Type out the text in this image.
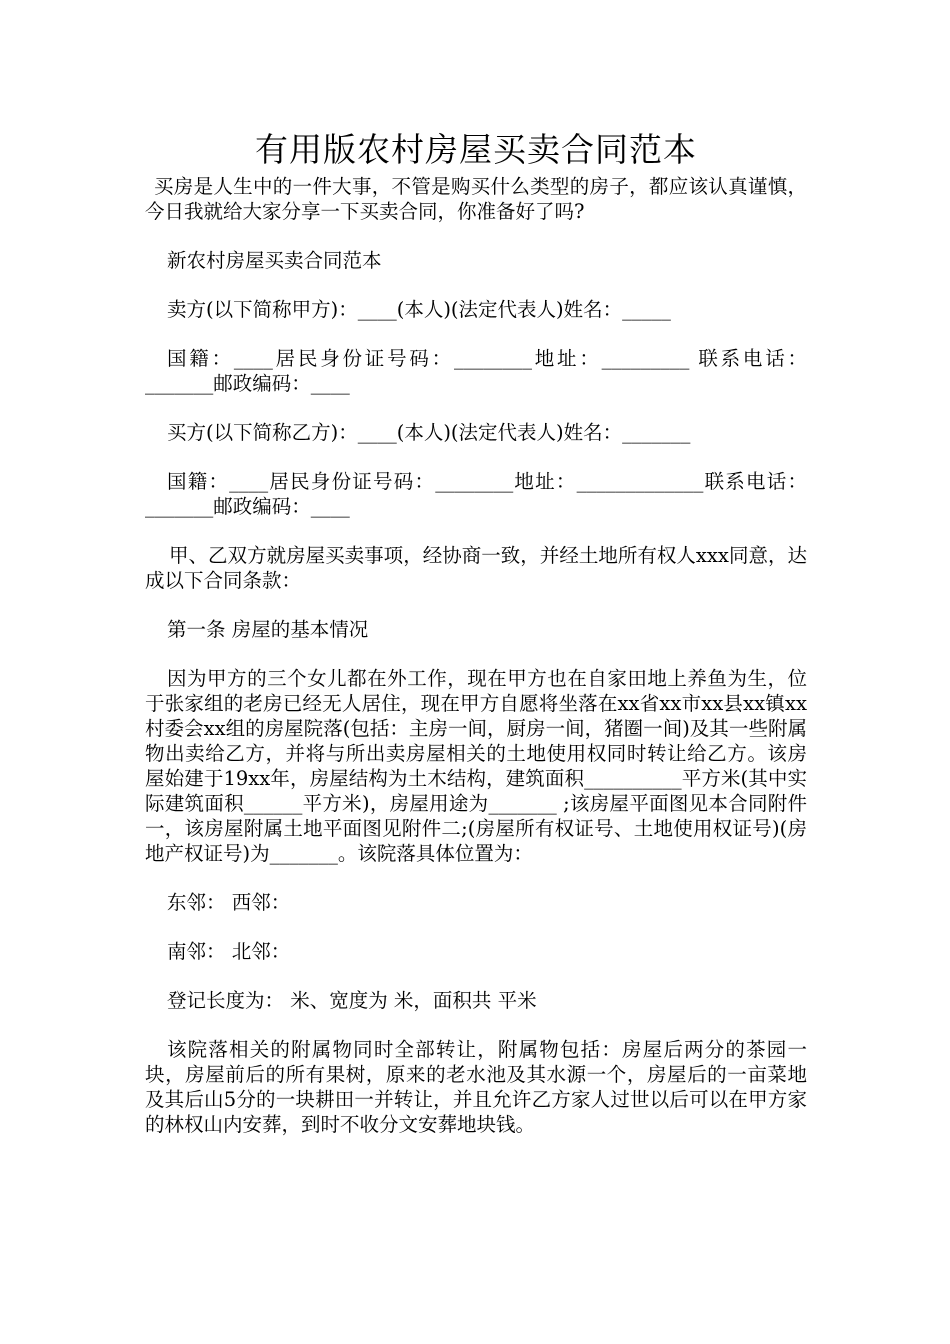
有用版农村房屋买卖合同范本

买房是人生中的一件大事，不管是购买什么类型的房子，都应该认真谨慎，今日我就给大家分享一下买卖合同，你准备好了吗?

新农村房屋买卖合同范本

卖方(以下简称甲方)：____(本人)(法定代表人)姓名：_____

国籍：____居民身份证号码：________地址：_________ 联系电话：_______邮政编码：____

买方(以下简称乙方)：____(本人)(法定代表人)姓名：_______

国籍：____居民身份证号码：________地址：_____________联系电话：_______邮政编码：____

甲、乙双方就房屋买卖事项，经协商一致，并经土地所有权人xxx同意，达成以下合同条款：

第一条 房屋的基本情况

因为甲方的三个女儿都在外工作，现在甲方也在自家田地上养鱼为生，位于张家组的老房已经无人居住，现在甲方自愿将坐落在xx省xx市xx县xx镇xx村委会xx组的房屋院落(包括：主房一间，厨房一间，猪圈一间)及其一些附属物出卖给乙方，并将与所出卖房屋相关的土地使用权同时转让给乙方。该房屋始建于19xx年，房屋结构为土木结构，建筑面积__________平方米(其中实际建筑面积______平方米)，房屋用途为_______ ;该房屋平面图见本合同附件一，该房屋附属土地平面图见附件二;(房屋所有权证号、土地使用权证号)(房地产权证号)为_______。该院落具体位置为：

东邻： 西邻：

南邻： 北邻：

登记长度为： 米、宽度为 米，面积共 平米

该院落相关的附属物同时全部转让，附属物包括：房屋后两分的茶园一块，房屋前后的所有果树，原来的老水池及其水源一个，房屋后的一亩菜地及其后山5分的一块耕田一并转让，并且允许乙方家人过世以后可以在甲方家的林权山内安葬，到时不收分文安葬地块钱。
